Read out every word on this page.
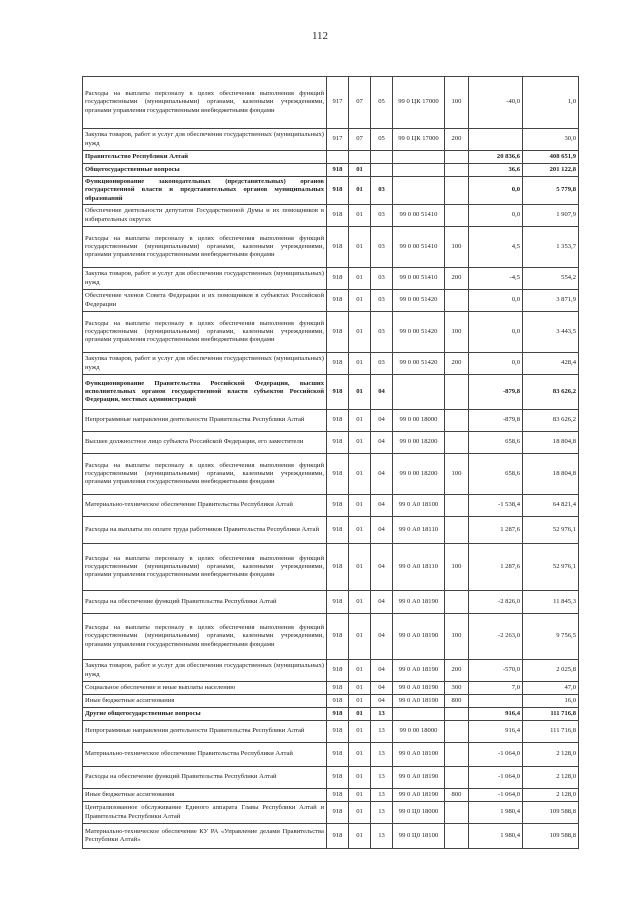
112
Расходы на выплаты персоналу в целях обеспечения выполнения функций государственными (муниципальными) органами, казенными учреждениями, органами управления государственными внебюджетными фондами	917	07	05	99 0 ЦК 17000	100	-40,0	1,0
Закупка товаров, работ и услуг для обеспечения государственных (муниципальных) нужд	917	07	05	99 0 ЦК 17000	200		30,0
Правительство Республики Алтай						20 836,6	408 651,9
Общегосударственные вопросы	918	01				36,6	201 122,8
Функционирование законодательных (представительных) органов государственной власти и представительных органов муниципальных образований	918	01	03			0,0	5 779,8
Обеспечение деятельности депутатов Государственной Думы и их помощников в избирательных округах	918	01	03	99 0 00 51410		0,0	1 907,9
Расходы на выплаты персоналу в целях обеспечения выполнения функций государственными (муниципальными) органами, казенными учреждениями, органами управления государственными внебюджетными фондами	918	01	03	99 0 00 51410	100	4,5	1 353,7
Закупка товаров, работ и услуг для обеспечения государственных (муниципальных) нужд	918	01	03	99 0 00 51410	200	-4,5	554,2
Обеспечение членов Совета Федерации и их помощников в субъектах Российской Федерации	918	01	03	99 0 00 51420		0,0	3 871,9
Расходы на выплаты персоналу в целях обеспечения выполнения функций государственными (муниципальными) органами, казенными учреждениями, органами управления государственными внебюджетными фондами	918	01	03	99 0 00 51420	100	0,0	3 443,5
Закупка товаров, работ и услуг для обеспечения государственных (муниципальных) нужд	918	01	03	99 0 00 51420	200	0,0	428,4
Функционирование Правительства Российской Федерации, высших исполнительных органов государственной власти субъектов Российской Федерации, местных администраций	918	01	04			-879,8	83 626,2
Непрограммные направления деятельности Правительства Республики Алтай	918	01	04	99 0 00 18000		-879,8	83 626,2
Высшее должностное лицо субъекта Российской Федерации, его заместители	918	01	04	99 0 00 18200		658,6	18 804,8
Расходы на выплаты персоналу в целях обеспечения выполнения функций государственными (муниципальными) органами, казенными учреждениями, органами управления государственными внебюджетными фондами	918	01	04	99 0 00 18200	100	658,6	18 804,8
Материально-техническое обеспечение Правительства Республики Алтай	918	01	04	99 0 А0 18100		-1 538,4	64 821,4
Расходы на выплаты по оплате труда работников Правительства Республики Алтай	918	01	04	99 0 А0 18110		1 287,6	52 976,1
Расходы на выплаты персоналу в целях обеспечения выполнения функций государственными (муниципальными) органами, казенными учреждениями, органами управления государственными внебюджетными фондами	918	01	04	99 0 А0 18110	100	1 287,6	52 976,1
Расходы на обеспечение функций Правительства Республики Алтай	918	01	04	99 0 А0 18190		-2 826,0	11 845,3
Расходы на выплаты персоналу в целях обеспечения выполнения функций государственными (муниципальными) органами, казенными учреждениями, органами управления государственными внебюджетными фондами	918	01	04	99 0 А0 18190	100	-2 263,0	9 756,5
Закупка товаров, работ и услуг для обеспечения государственных (муниципальных) нужд	918	01	04	99 0 А0 18190	200	-570,0	2 025,8
Социальное обеспечение и иные выплаты населению	918	01	04	99 0 А0 18190	300	7,0	47,0
Иные бюджетные ассигнования	918	01	04	99 0 А0 18190	800		16,0
Другие общегосударственные вопросы	918	01	13			916,4	111 716,8
Непрограммные направления деятельности Правительства Республики Алтай	918	01	13	99 0 00 18000		916,4	111 716,8
Материально-техническое обеспечение Правительства Республики Алтай	918	01	13	99 0 А0 18100		-1 064,0	2 128,0
Расходы на обеспечение функций Правительства Республики Алтай	918	01	13	99 0 А0 18190		-1 064,0	2 128,0
Иные бюджетные ассигнования	918	01	13	99 0 А0 18190	800	-1 064,0	2 128,0
Централизованное обслуживание Единого аппарата Главы Республики Алтай и Правительства Республики Алтай	918	01	13	99 0 Ц0 18000		1 980,4	109 588,8
Материально-техническое обеспечение КУ РА «Управление делами Правительства Республики Алтай»	918	01	13	99 0 Ц0 18100		1 980,4	109 588,8
